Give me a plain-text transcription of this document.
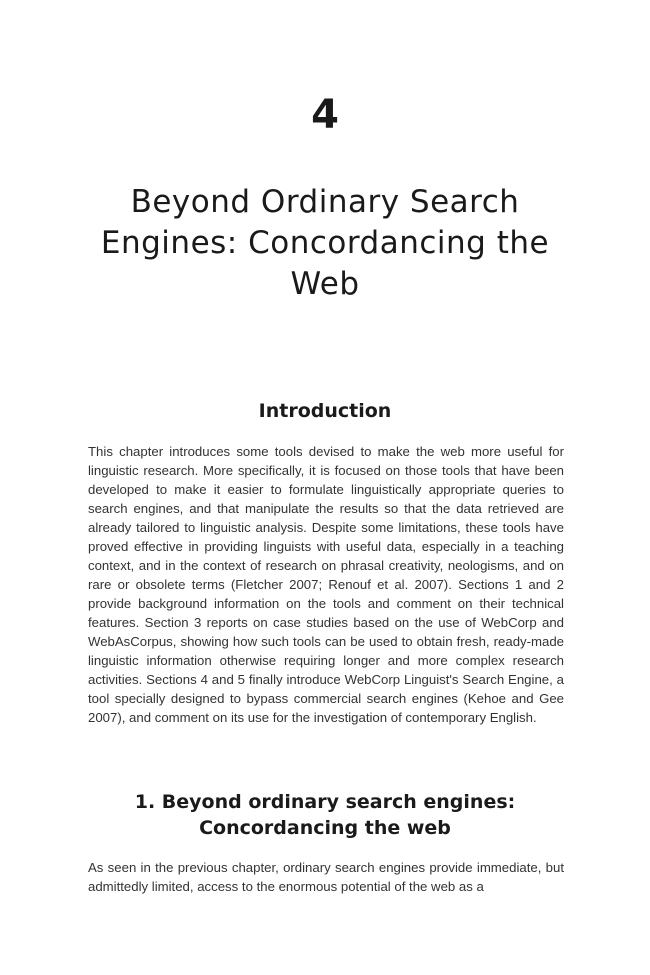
4
Beyond Ordinary Search Engines: Concordancing the Web
Introduction

This chapter introduces some tools devised to make the web more useful for linguistic research. More specifically, it is focused on those tools that have been developed to make it easier to formulate linguistically appropriate queries to search engines, and that manipulate the results so that the data retrieved are already tailored to linguistic analysis. Despite some limitations, these tools have proved effective in providing linguists with useful data, especially in a teaching context, and in the context of research on phrasal creativity, neologisms, and on rare or obsolete terms (Fletcher 2007; Renouf et al. 2007). Sections 1 and 2 provide background information on the tools and comment on their technical features. Section 3 reports on case studies based on the use of WebCorp and WebAsCorpus, showing how such tools can be used to obtain fresh, ready-made linguistic information otherwise requiring longer and more complex research activities. Sections 4 and 5 finally introduce WebCorp Linguist's Search Engine, a tool specially designed to bypass commercial search engines (Kehoe and Gee 2007), and comment on its use for the investigation of contemporary English.

1. Beyond ordinary search engines:
Concordancing the web

As seen in the previous chapter, ordinary search engines provide immediate, but admittedly limited, access to the enormous potential of the web as a
